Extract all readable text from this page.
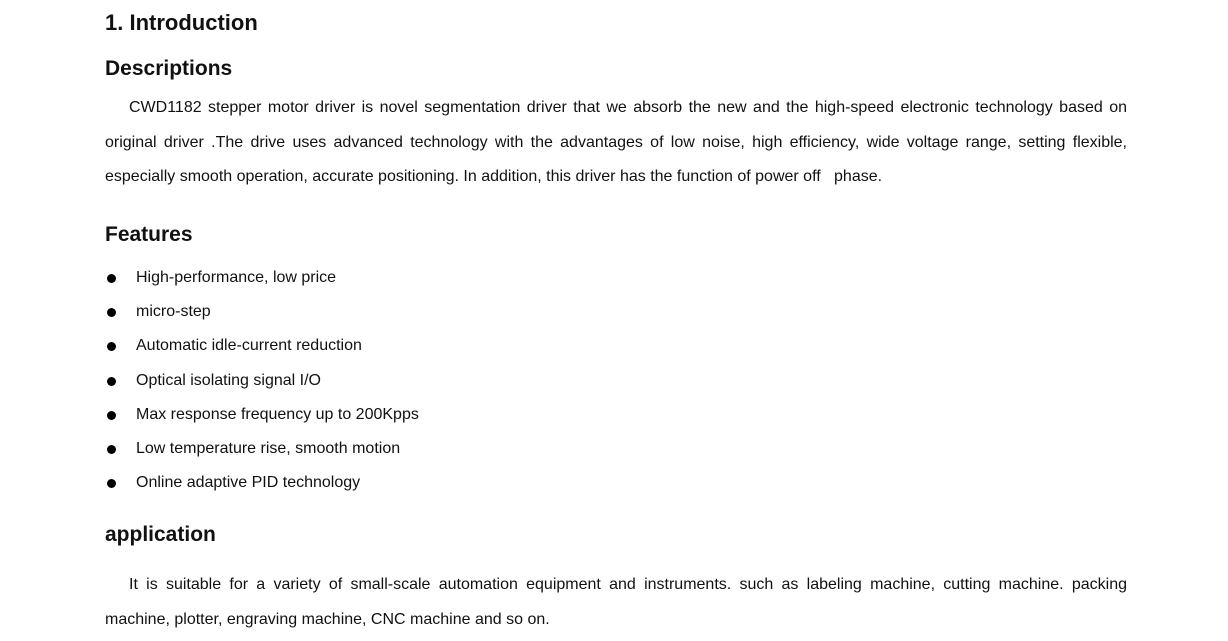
1. Introduction
Descriptions

CWD1182 stepper motor driver is novel segmentation driver that we absorb the new and the high-speed electronic technology based on original driver .The drive uses advanced technology with the advantages of low noise, high efficiency, wide voltage range, setting flexible, especially smooth operation, accurate positioning. In addition, this driver has the function of power off   phase.

Features
High-performance, low price
micro-step
Automatic idle-current reduction
Optical isolating signal I/O
Max response frequency up to 200Kpps
Low temperature rise, smooth motion
Online adaptive PID technology
application

It is suitable for a variety of small-scale automation equipment and instruments. such as labeling machine, cutting machine. packing machine, plotter, engraving machine, CNC machine and so on.
